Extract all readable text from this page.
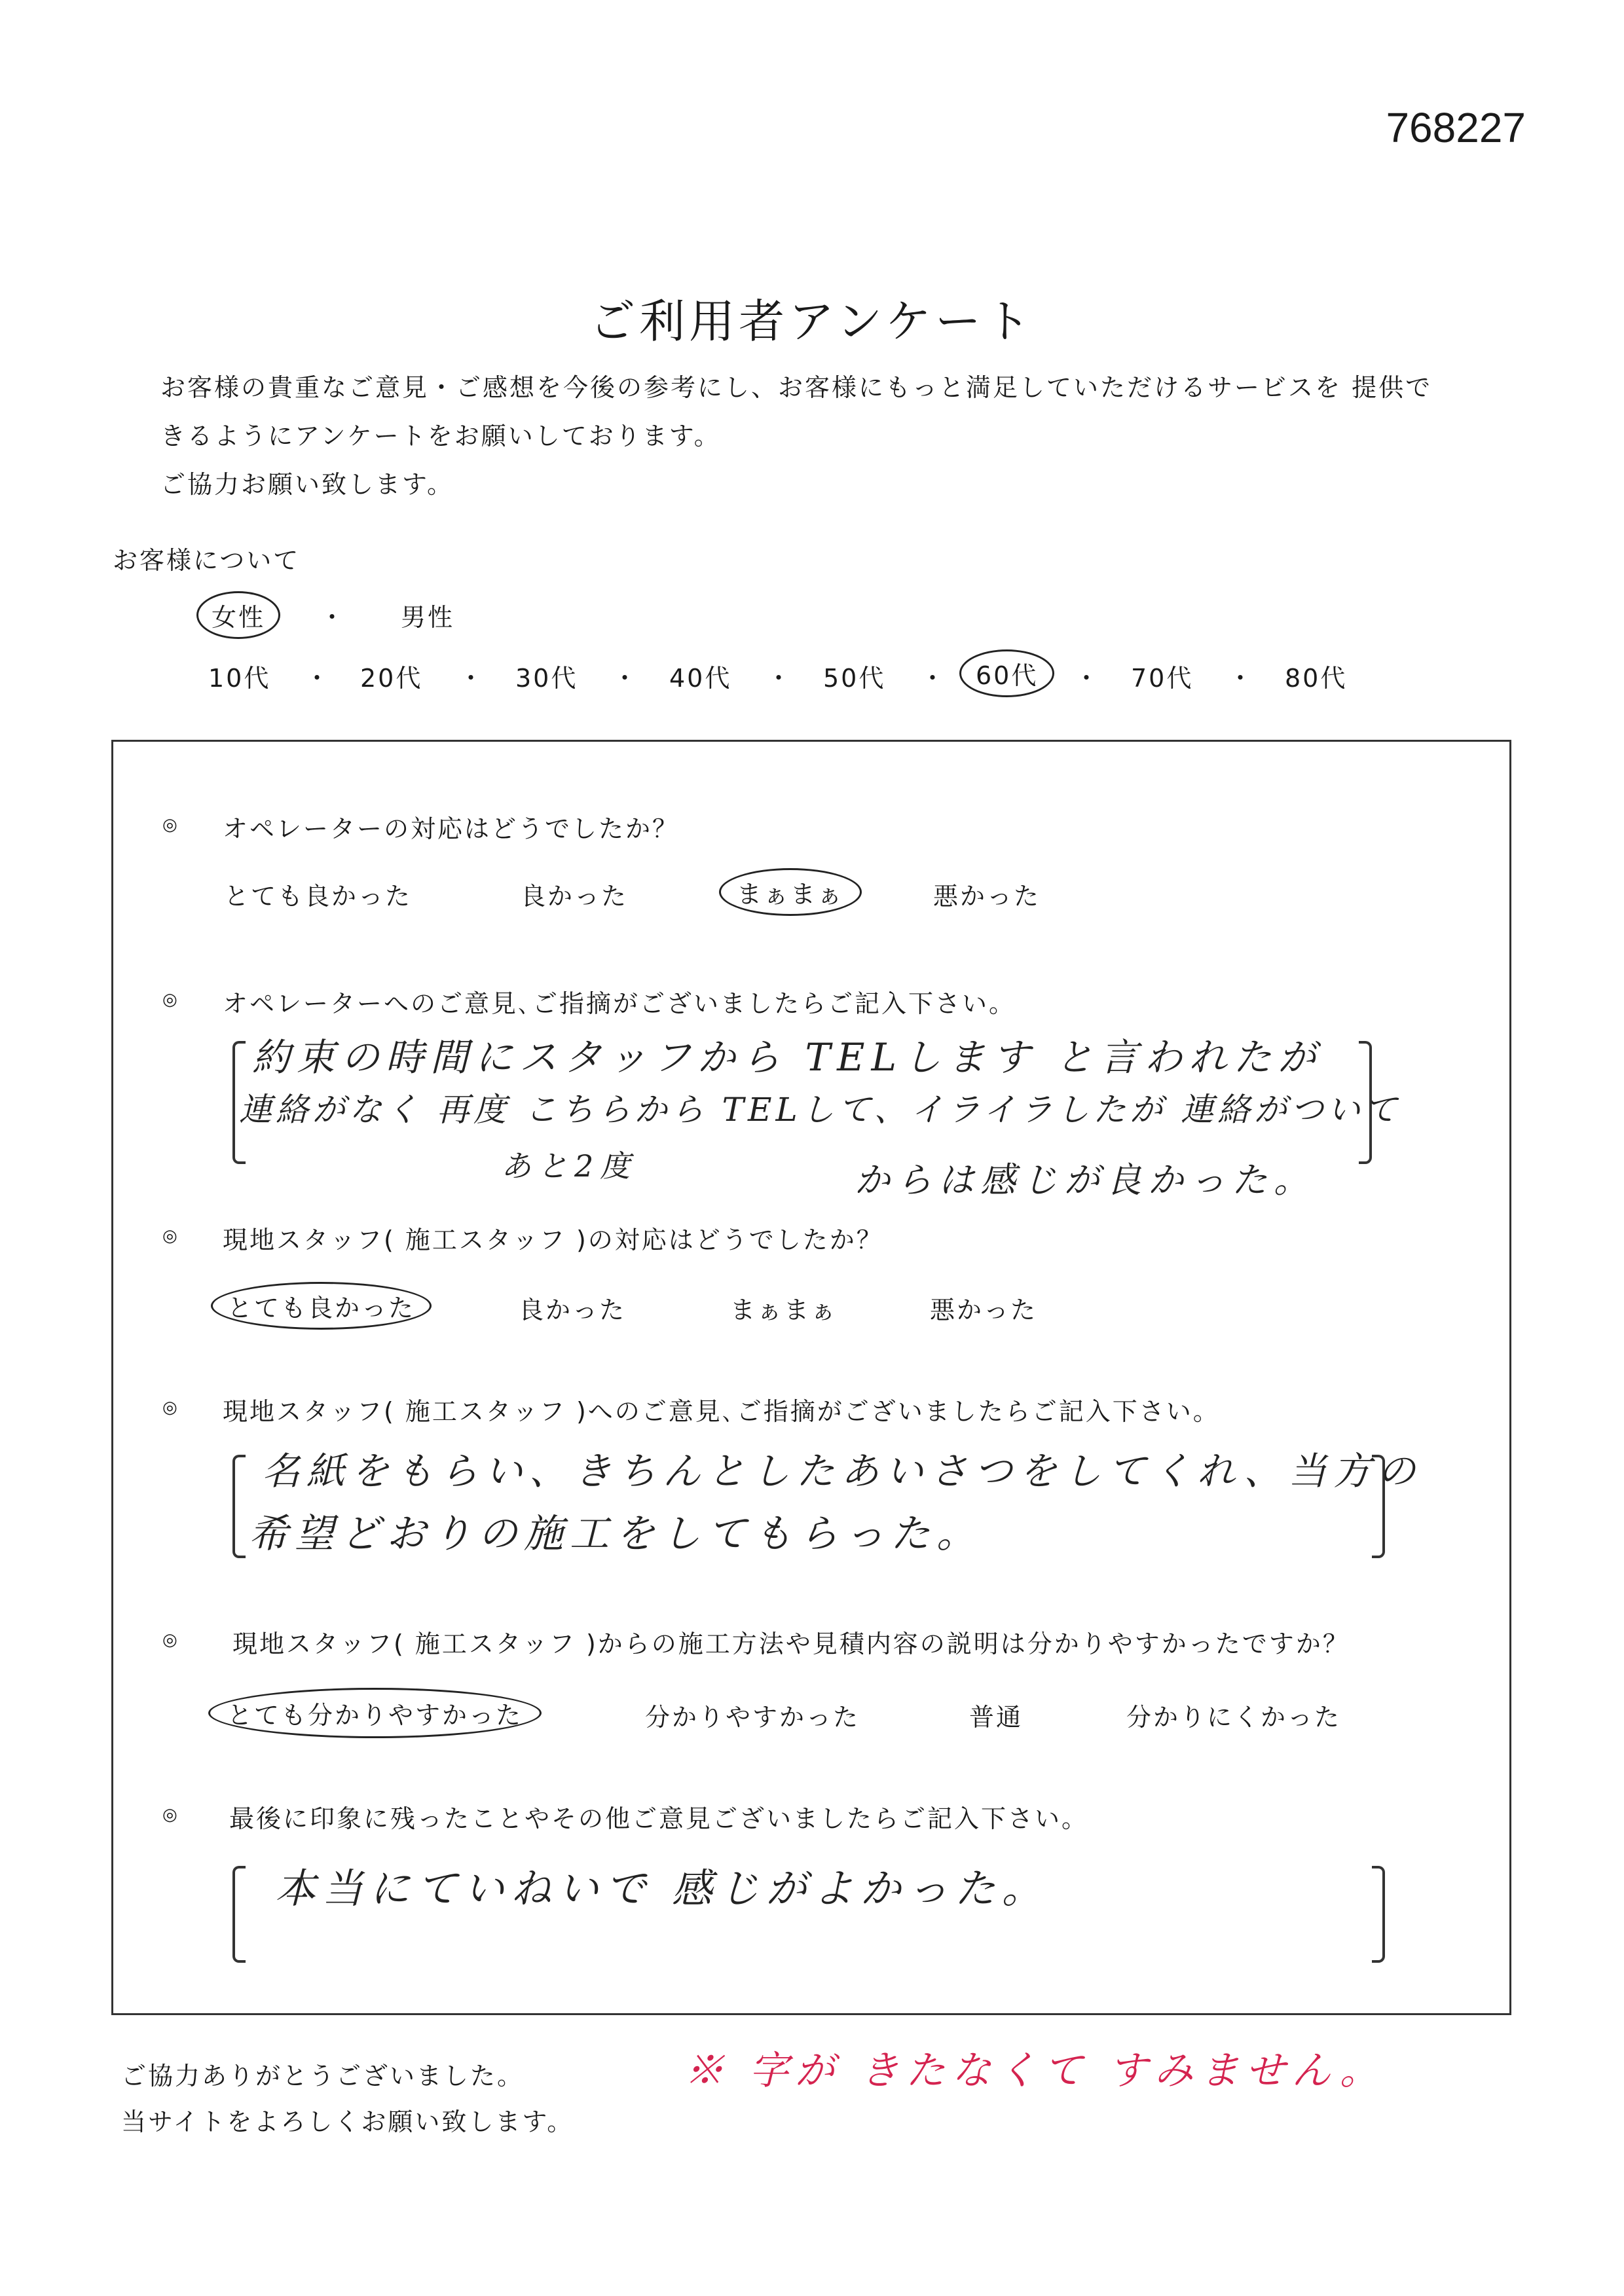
768227
ご利用者アンケート
お客様の貴重なご意見・ご感想を今後の参考にし、お客様にもっと満足していただけるサービスを 提供で
きるようにアンケートをお願いしております。
ご協力お願い致します。
お客様について
女性	・ 男性
10代 ・ 20代 ・ 30代 ・ 40代 ・ 50代 ・	60代	・ 70代 ・ 80代
◎ オペレーターの対応はどうでしたか？
とても良かった	良かった	まぁまぁ	悪かった
◎ オペレーターへのご意見､ご指摘がございましたらご記入下さい。
約束の時間にスタッフから TELします と言われたが
連絡がなく 再度 こちらから TELして、イライラしたが 連絡がついて
あと2度	からは感じが良かった。
◎ 現地スタッフ( 施工スタッフ )の対応はどうでしたか？
とても良かった	良かった	まぁまぁ	悪かった
◎ 現地スタッフ( 施工スタッフ )へのご意見､ご指摘がございましたらご記入下さい。
名紙をもらい、きちんとしたあいさつをしてくれ、当方の
希望どおりの施工をしてもらった。
◎ 現地スタッフ( 施工スタッフ )からの施工方法や見積内容の説明は分かりやすかったですか？
とても分かりやすかった	分かりやすかった	普通	分かりにくかった
◎ 最後に印象に残ったことやその他ご意見ございましたらご記入下さい。
本当にていねいで 感じがよかった。
ご協力ありがとうございました。
当サイトをよろしくお願い致します。
※ 字が きたなくて すみません。
